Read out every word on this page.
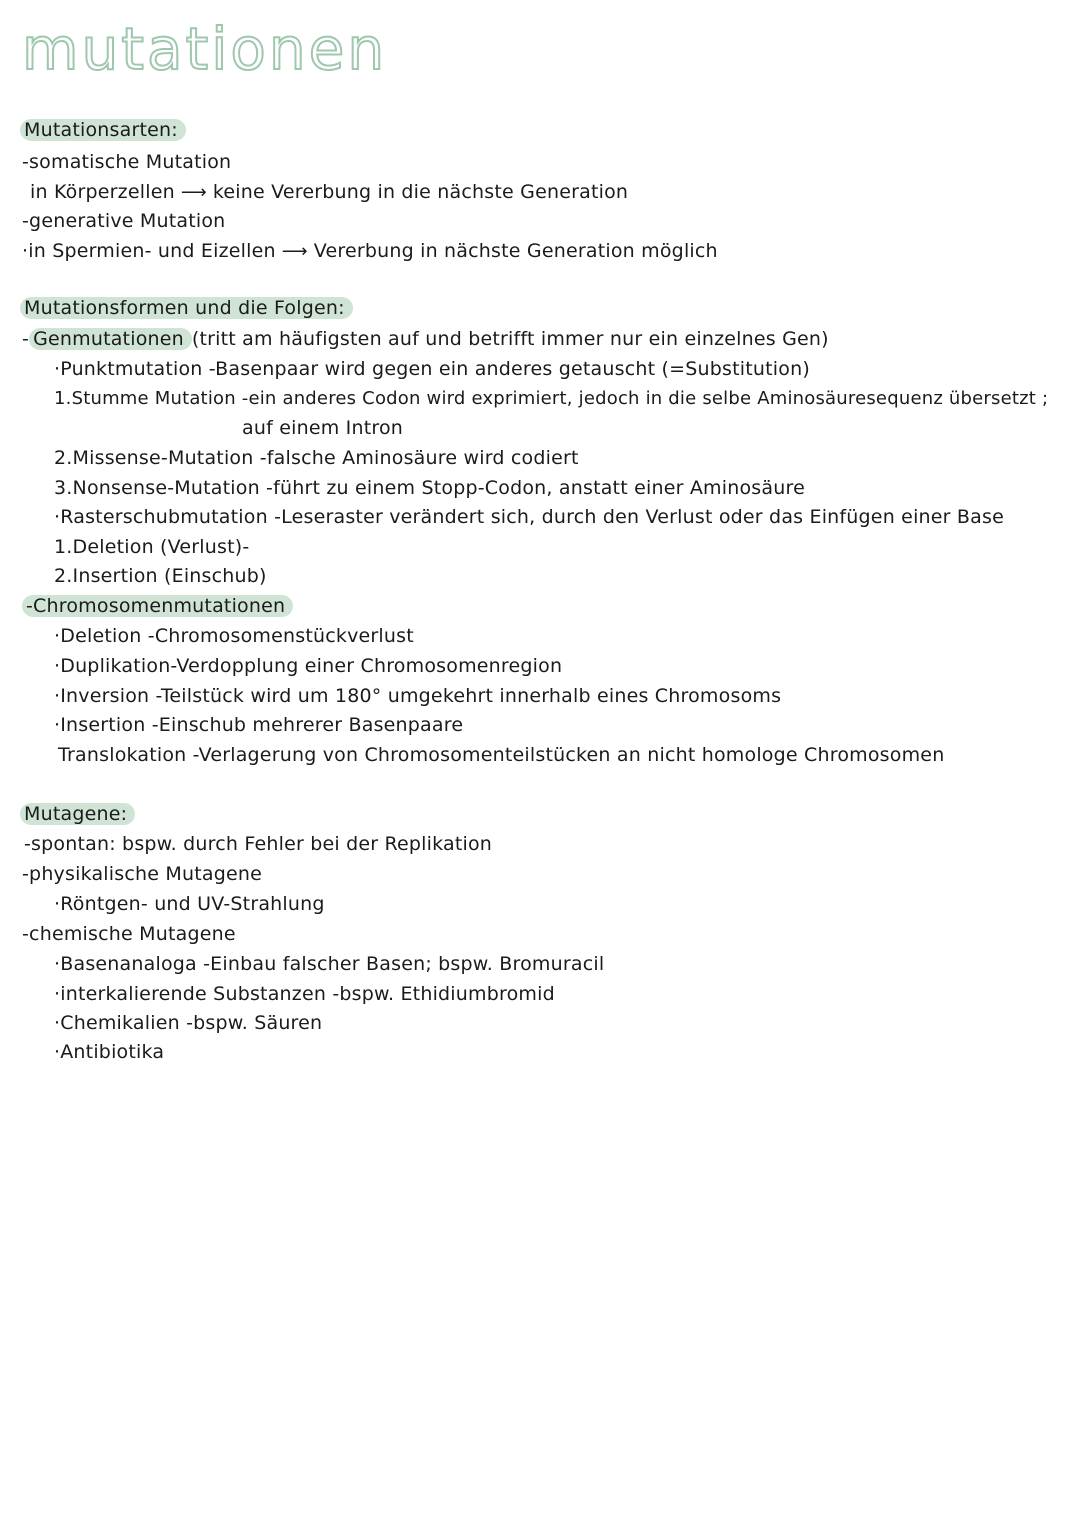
mutationen
Mutationsarten:
-somatische Mutation
in Körperzellen ⟶ keine Vererbung in die nächste Generation
-generative Mutation
·in Spermien- und Eizellen ⟶ Vererbung in nächste Generation möglich
Mutationsformen und die Folgen:
- Genmutationen (tritt am häufigsten auf und betrifft immer nur ein einzelnes Gen)
·Punktmutation -Basenpaar wird gegen ein anderes getauscht (=Substitution)
1.Stumme Mutation -ein anderes Codon wird exprimiert, jedoch in die selbe Aminosäuresequenz übersetzt ;
auf einem Intron
2.Missense-Mutation -falsche Aminosäure wird codiert
3.Nonsense-Mutation -führt zu einem Stopp-Codon, anstatt einer Aminosäure
·Rasterschubmutation -Leseraster verändert sich, durch den Verlust oder das Einfügen einer Base
1.Deletion (Verlust)-
2.Insertion (Einschub)
-Chromosomenmutationen
·Deletion -Chromosomenstückverlust
·Duplikation-Verdopplung einer Chromosomenregion
·Inversion -Teilstück wird um 180° umgekehrt innerhalb eines Chromosoms
·Insertion -Einschub mehrerer Basenpaare
Translokation -Verlagerung von Chromosomenteilstücken an nicht homologe Chromosomen
Mutagene:
-spontan: bspw. durch Fehler bei der Replikation
-physikalische Mutagene
·Röntgen- und UV-Strahlung
-chemische Mutagene
·Basenanaloga -Einbau falscher Basen; bspw. Bromuracil
·interkalierende Substanzen -bspw. Ethidiumbromid
·Chemikalien -bspw. Säuren
·Antibiotika
